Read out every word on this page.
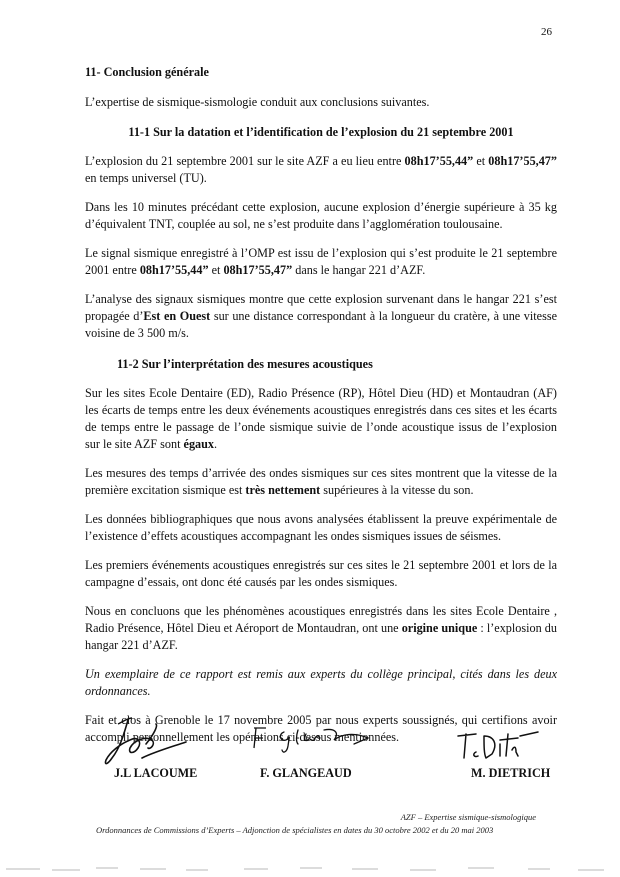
26
11- Conclusion générale

L’expertise de sismique-sismologie conduit aux conclusions suivantes.

11-1 Sur la datation et l’identification de l’explosion du 21 septembre 2001

L’explosion du 21 septembre 2001 sur le site AZF a eu lieu entre 08h17’55,44” et 08h17’55,47” en temps universel (TU).

Dans les 10 minutes précédant cette explosion, aucune explosion d’énergie supérieure à 35 kg d’équivalent TNT, couplée au sol, ne s’est produite dans l’agglomération toulousaine.

Le signal sismique enregistré à l’OMP est issu de l’explosion qui s’est produite le 21 septembre 2001 entre 08h17’55,44” et 08h17’55,47” dans le hangar 221 d’AZF.

L’analyse des signaux sismiques montre que cette explosion survenant dans le hangar 221 s’est propagée d’Est en Ouest sur une distance correspondant à la longueur du cratère, à une vitesse voisine de 3 500 m/s.

11-2 Sur l’interprétation des mesures acoustiques

Sur les sites Ecole Dentaire (ED), Radio Présence (RP), Hôtel Dieu (HD) et Montaudran (AF) les écarts de temps entre les deux événements acoustiques enregistrés dans ces sites et les écarts de temps entre le passage de l’onde sismique suivie de l’onde acoustique issus de l’explosion sur le site AZF sont égaux.

Les mesures des temps d’arrivée des ondes sismiques sur ces sites montrent que la vitesse de la première excitation sismique est très nettement supérieures à la vitesse du son.

Les données bibliographiques que nous avons analysées établissent la preuve expérimentale de l’existence d’effets acoustiques accompagnant les ondes sismiques issues de séismes.

Les premiers événements acoustiques enregistrés sur ces sites le 21 septembre 2001 et lors de la campagne d’essais, ont donc été causés par les ondes sismiques.

Nous en concluons que les phénomènes acoustiques enregistrés dans les sites Ecole Dentaire , Radio Présence, Hôtel Dieu et Aéroport de Montaudran, ont une origine unique : l’explosion du hangar 221 d’AZF.

Un exemplaire de ce rapport est remis aux experts du collège principal, cités dans les deux ordonnances.

Fait et clos à Grenoble le 17 novembre 2005 par nous experts soussignés, qui certifions avoir accompli personnellement les opérations ci-dessus mentionnées.

J.L LACOUME	F. GLANGEAUD	M. DIETRICH
AZF – Expertise sismique-sismologique
Ordonnances de Commissions d’Experts – Adjonction de spécialistes en dates du 30 octobre 2002 et du 20 mai 2003
